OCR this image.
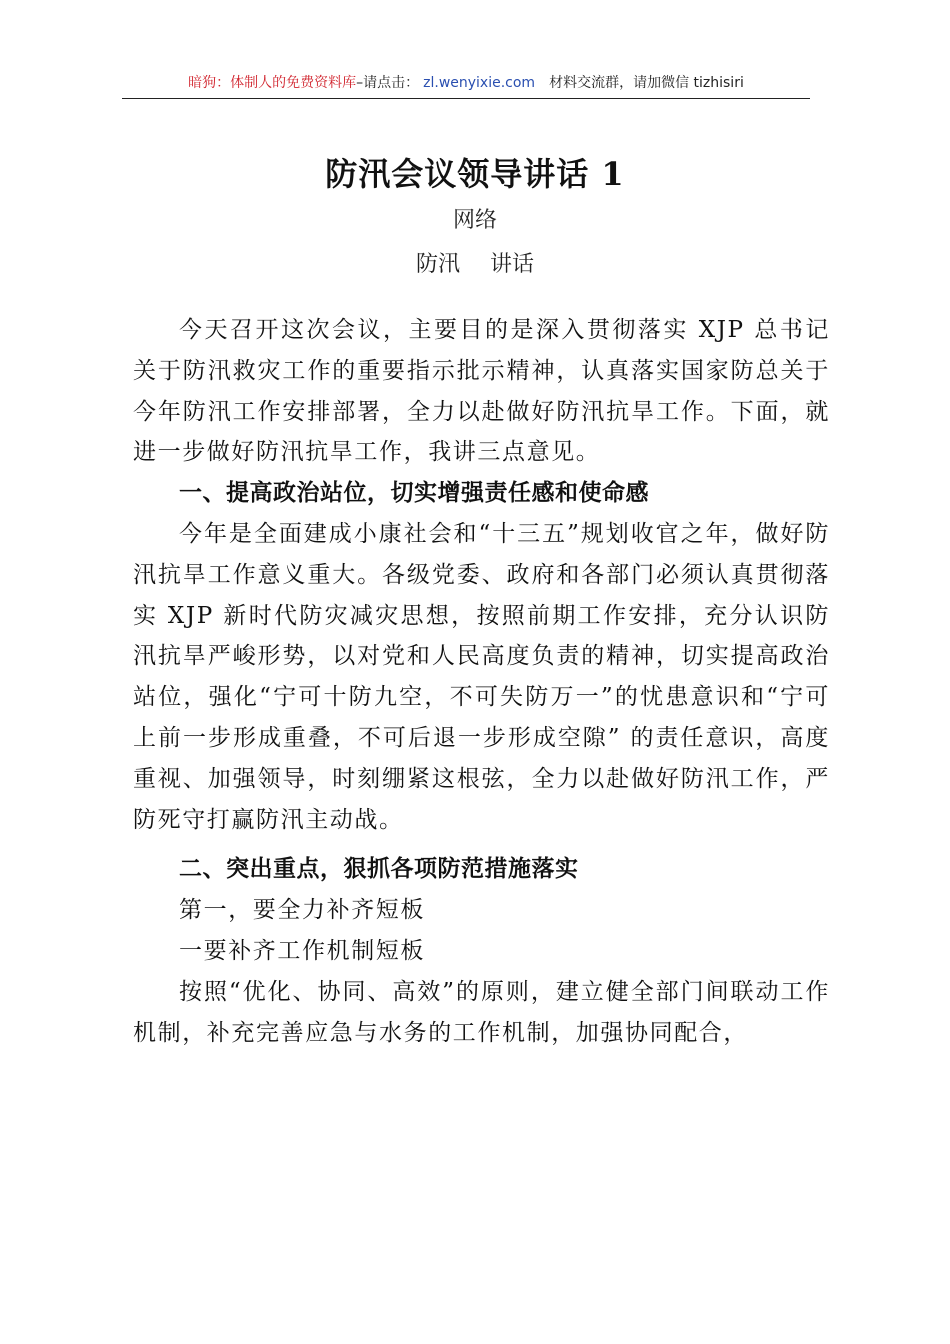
暗狗：体制人的免费资料库–请点击： zl.wenyixie.com 材料交流群，请加微信 tizhisiri
防汛会议领导讲话 1
网络
防汛 讲话

今天召开这次会议，主要目的是深入贯彻落实 XJP 总书记关于防汛救灾工作的重要指示批示精神，认真落实国家防总关于今年防汛工作安排部署，全力以赴做好防汛抗旱工作。下面，就进一步做好防汛抗旱工作，我讲三点意见。

一、提高政治站位，切实增强责任感和使命感

今年是全面建成小康社会和“十三五”规划收官之年，做好防汛抗旱工作意义重大。各级党委、政府和各部门必须认真贯彻落实 XJP 新时代防灾减灾思想，按照前期工作安排，充分认识防汛抗旱严峻形势，以对党和人民高度负责的精神，切实提高政治站位，强化“宁可十防九空，不可失防万一”的忧患意识和“宁可上前一步形成重叠，不可后退一步形成空隙” 的责任意识，高度重视、加强领导，时刻绷紧这根弦，全力以赴做好防汛工作，严防死守打赢防汛主动战。

二、突出重点，狠抓各项防范措施落实

第一，要全力补齐短板

一要补齐工作机制短板

按照“优化、协同、高效”的原则，建立健全部门间联动工作机制，补充完善应急与水务的工作机制，加强协同配合，
